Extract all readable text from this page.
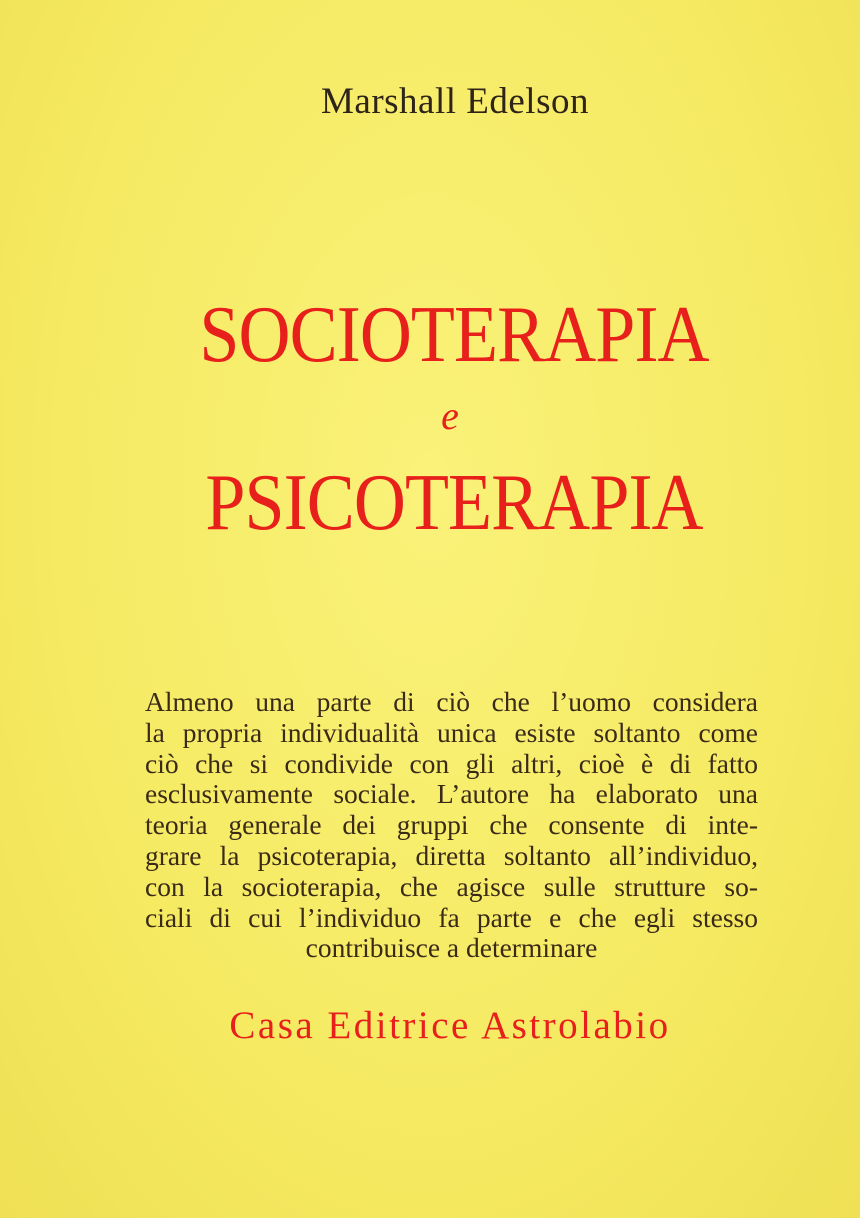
Marshall Edelson
SOCIOTERAPIA
e
PSICOTERAPIA
Almeno una parte di ciò che l’uomo considera
la propria individualità unica esiste soltanto come
ciò che si condivide con gli altri, cioè è di fatto
esclusivamente sociale. L’autore ha elaborato una
teoria generale dei gruppi che consente di inte-
grare la psicoterapia, diretta soltanto all’individuo,
con la socioterapia, che agisce sulle strutture so-
ciali di cui l’individuo fa parte e che egli stesso
contribuisce a determinare
Casa Editrice Astrolabio
